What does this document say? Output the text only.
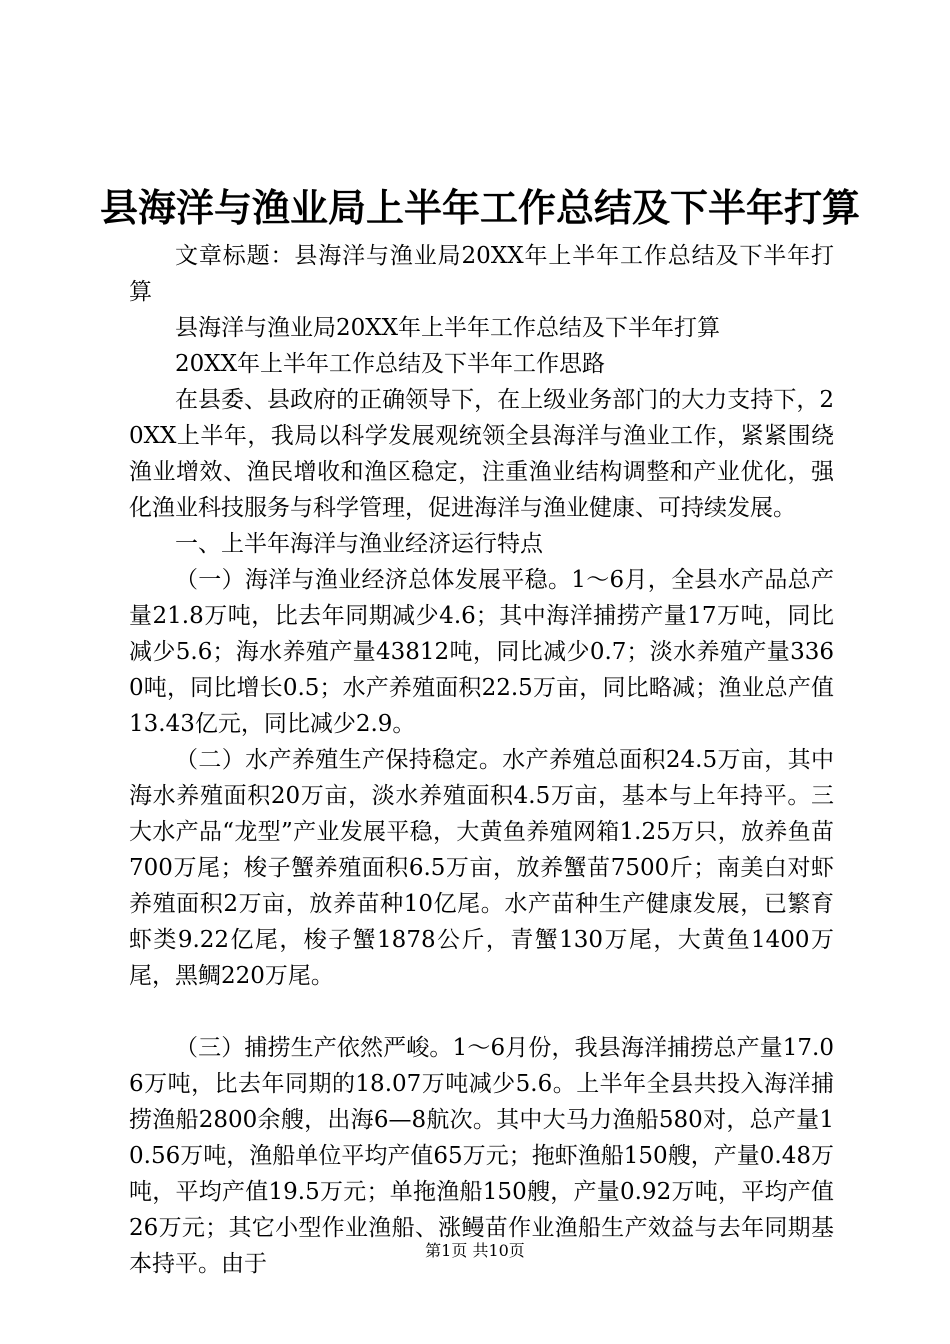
县海洋与渔业局上半年工作总结及下半年打算

文章标题：县海洋与渔业局20XX年上半年工作总结及下半年打算

县海洋与渔业局20XX年上半年工作总结及下半年打算

20XX年上半年工作总结及下半年工作思路

在县委、县政府的正确领导下，在上级业务部门的大力支持下，20XX上半年，我局以科学发展观统领全县海洋与渔业工作，紧紧围绕渔业增效、渔民增收和渔区稳定，注重渔业结构调整和产业优化，强化渔业科技服务与科学管理，促进海洋与渔业健康、可持续发展。

一、上半年海洋与渔业经济运行特点

（一）海洋与渔业经济总体发展平稳。1～6月，全县水产品总产量21.8万吨，比去年同期减少4.6；其中海洋捕捞产量17万吨，同比减少5.6；海水养殖产量43812吨，同比减少0.7；淡水养殖产量3360吨，同比增长0.5；水产养殖面积22.5万亩，同比略减；渔业总产值13.43亿元，同比减少2.9。

（二）水产养殖生产保持稳定。水产养殖总面积24.5万亩，其中海水养殖面积20万亩，淡水养殖面积4.5万亩，基本与上年持平。三大水产品“龙型”产业发展平稳，大黄鱼养殖网箱1.25万只，放养鱼苗700万尾；梭子蟹养殖面积6.5万亩，放养蟹苗7500斤；南美白对虾养殖面积2万亩，放养苗种10亿尾。水产苗种生产健康发展，已繁育虾类9.22亿尾，梭子蟹1878公斤，青蟹130万尾，大黄鱼1400万尾，黑鲷220万尾。

（三）捕捞生产依然严峻。1～6月份，我县海洋捕捞总产量17.06万吨，比去年同期的18.07万吨减少5.6。上半年全县共投入海洋捕捞渔船2800余艘，出海6—8航次。其中大马力渔船580对，总产量10.56万吨，渔船单位平均产值65万元；拖虾渔船150艘，产量0.48万吨，平均产值19.5万元；单拖渔船150艘，产量0.92万吨，平均产值26万元；其它小型作业渔船、涨鳗苗作业渔船生产效益与去年同期基本持平。由于

第1页 共10页
